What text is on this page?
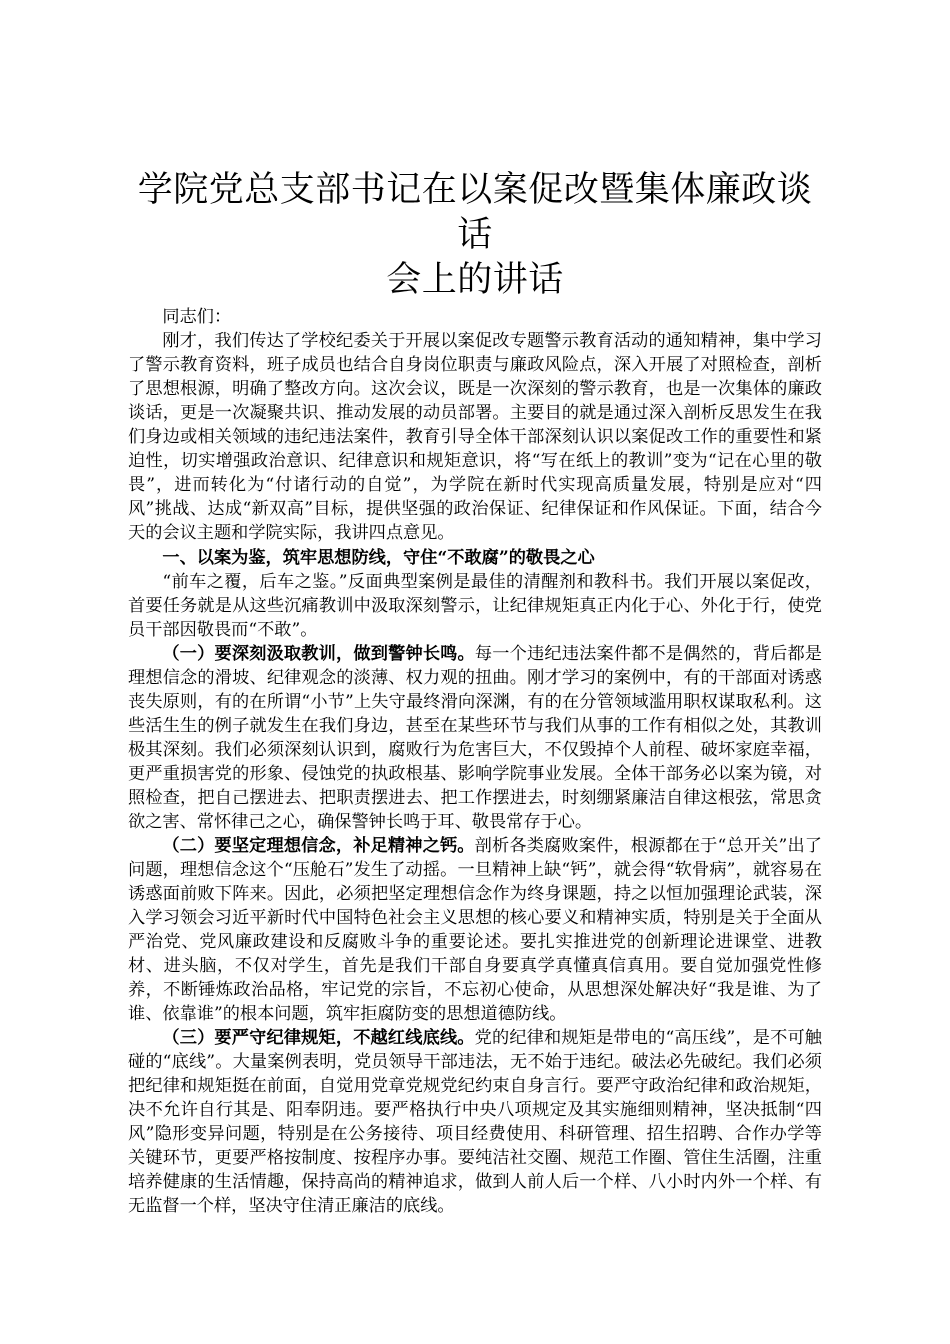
学院党总支部书记在以案促改暨集体廉政谈话
会上的讲话

同志们：

刚才，我们传达了学校纪委关于开展以案促改专题警示教育活动的通知精神，集中学习了警示教育资料，班子成员也结合自身岗位职责与廉政风险点，深入开展了对照检查，剖析了思想根源，明确了整改方向。这次会议，既是一次深刻的警示教育，也是一次集体的廉政谈话，更是一次凝聚共识、推动发展的动员部署。主要目的就是通过深入剖析反思发生在我们身边或相关领域的违纪违法案件，教育引导全体干部深刻认识以案促改工作的重要性和紧迫性，切实增强政治意识、纪律意识和规矩意识，将“写在纸上的教训”变为“记在心里的敬畏”，进而转化为“付诸行动的自觉”，为学院在新时代实现高质量发展，特别是应对“四风”挑战、达成“新双高”目标，提供坚强的政治保证、纪律保证和作风保证。下面，结合今天的会议主题和学院实际，我讲四点意见。

一、以案为鉴，筑牢思想防线，守住“不敢腐”的敬畏之心

“前车之覆，后车之鉴。”反面典型案例是最佳的清醒剂和教科书。我们开展以案促改，首要任务就是从这些沉痛教训中汲取深刻警示，让纪律规矩真正内化于心、外化于行，使党员干部因敬畏而“不敢”。

（一）要深刻汲取教训，做到警钟长鸣。每一个违纪违法案件都不是偶然的，背后都是理想信念的滑坡、纪律观念的淡薄、权力观的扭曲。刚才学习的案例中，有的干部面对诱惑丧失原则，有的在所谓“小节”上失守最终滑向深渊，有的在分管领域滥用职权谋取私利。这些活生生的例子就发生在我们身边，甚至在某些环节与我们从事的工作有相似之处，其教训极其深刻。我们必须深刻认识到，腐败行为危害巨大，不仅毁掉个人前程、破坏家庭幸福，更严重损害党的形象、侵蚀党的执政根基、影响学院事业发展。全体干部务必以案为镜，对照检查，把自己摆进去、把职责摆进去、把工作摆进去，时刻绷紧廉洁自律这根弦，常思贪欲之害、常怀律己之心，确保警钟长鸣于耳、敬畏常存于心。

（二）要坚定理想信念，补足精神之钙。剖析各类腐败案件，根源都在于“总开关”出了问题，理想信念这个“压舱石”发生了动摇。一旦精神上缺“钙”，就会得“软骨病”，就容易在诱惑面前败下阵来。因此，必须把坚定理想信念作为终身课题，持之以恒加强理论武装，深入学习领会习近平新时代中国特色社会主义思想的核心要义和精神实质，特别是关于全面从严治党、党风廉政建设和反腐败斗争的重要论述。要扎实推进党的创新理论进课堂、进教材、进头脑，不仅对学生，首先是我们干部自身要真学真懂真信真用。要自觉加强党性修养，不断锤炼政治品格，牢记党的宗旨，不忘初心使命，从思想深处解决好“我是谁、为了谁、依靠谁”的根本问题，筑牢拒腐防变的思想道德防线。

（三）要严守纪律规矩，不越红线底线。党的纪律和规矩是带电的“高压线”，是不可触碰的“底线”。大量案例表明，党员领导干部违法，无不始于违纪。破法必先破纪。我们必须把纪律和规矩挺在前面，自觉用党章党规党纪约束自身言行。要严守政治纪律和政治规矩，决不允许自行其是、阳奉阴违。要严格执行中央八项规定及其实施细则精神，坚决抵制“四风”隐形变异问题，特别是在公务接待、项目经费使用、科研管理、招生招聘、合作办学等关键环节，更要严格按制度、按程序办事。要纯洁社交圈、规范工作圈、管住生活圈，注重培养健康的生活情趣，保持高尚的精神追求，做到人前人后一个样、八小时内外一个样、有无监督一个样，坚决守住清正廉洁的底线。
